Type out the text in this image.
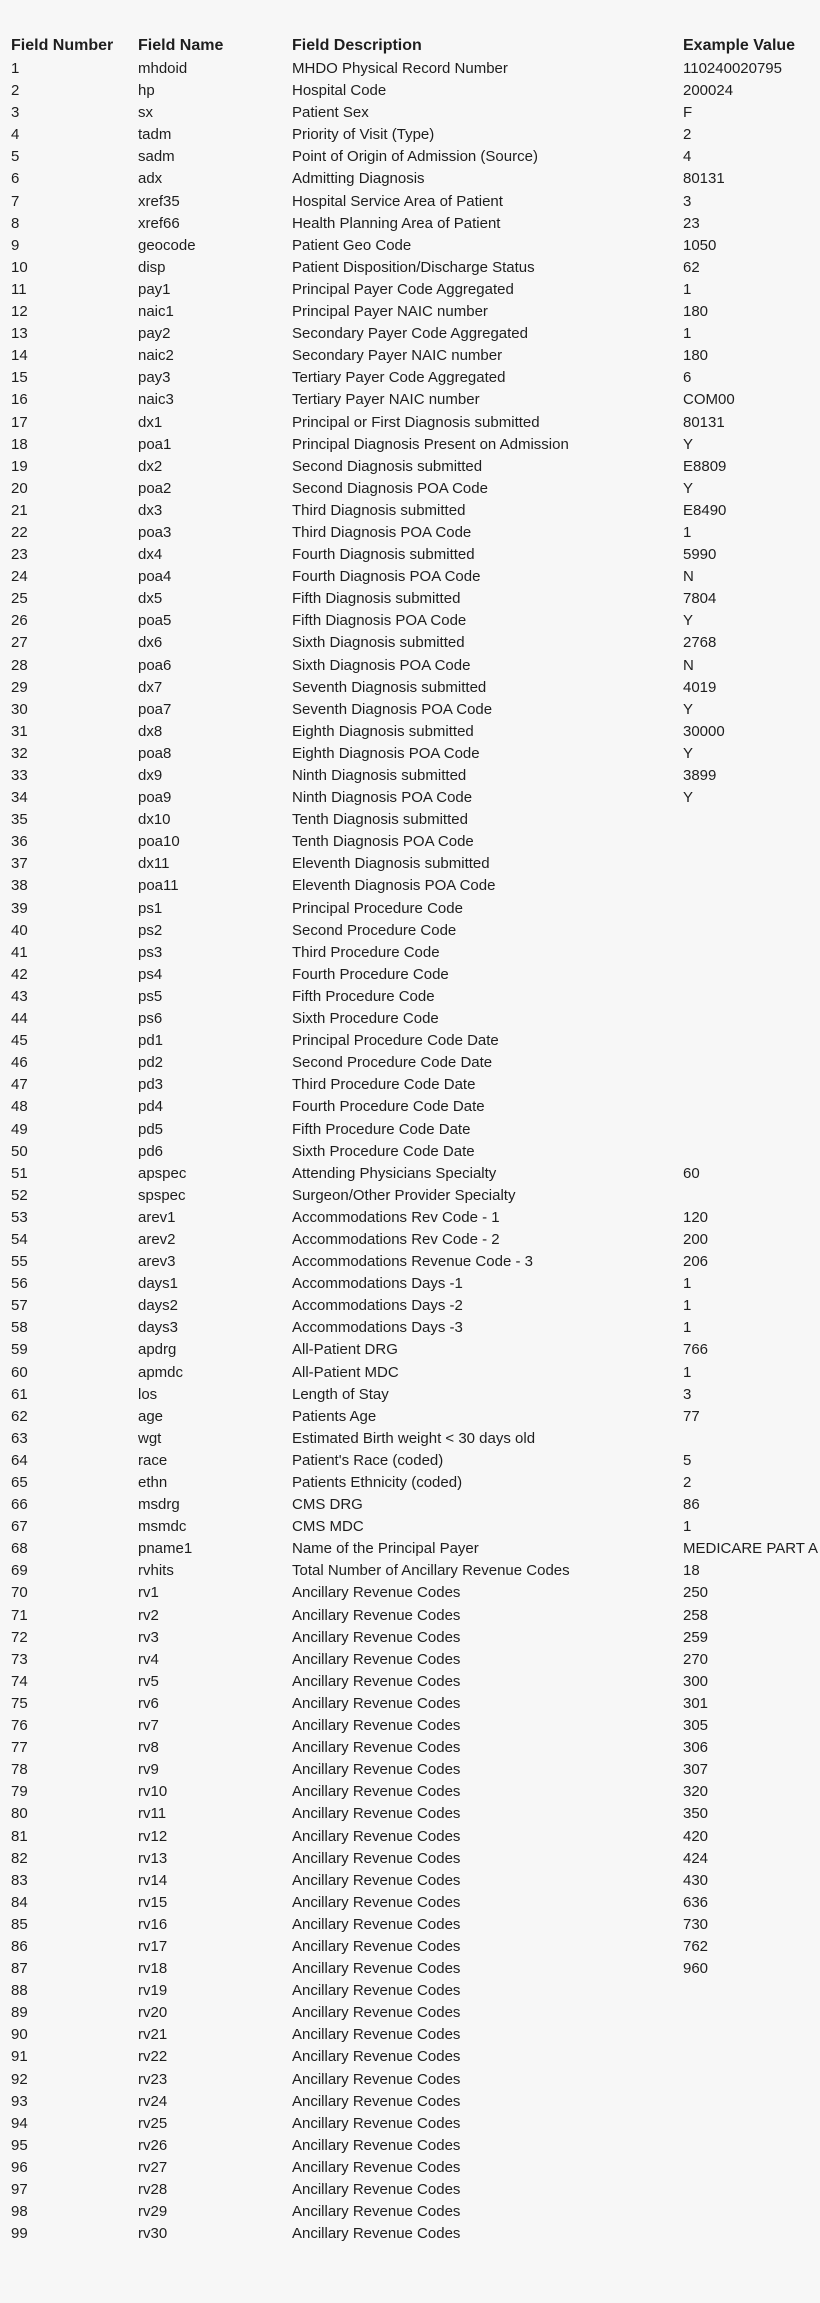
Field Number	Field Name	Field Description	Example Value
1	mhdoid	MHDO Physical Record Number	110240020795
2	hp	Hospital Code	200024
3	sx	Patient Sex	F
4	tadm	Priority of Visit (Type)	2
5	sadm	Point of Origin of Admission (Source)	4
6	adx	Admitting Diagnosis	80131
7	xref35	Hospital Service Area of Patient	3
8	xref66	Health Planning Area of Patient	23
9	geocode	Patient Geo Code	1050
10	disp	Patient Disposition/Discharge Status	62
11	pay1	Principal Payer Code Aggregated	1
12	naic1	Principal Payer NAIC number	180
13	pay2	Secondary Payer Code Aggregated	1
14	naic2	Secondary Payer NAIC number	180
15	pay3	Tertiary Payer Code Aggregated	6
16	naic3	Tertiary Payer NAIC number	COM00
17	dx1	Principal or First Diagnosis submitted	80131
18	poa1	Principal Diagnosis Present on Admission	Y
19	dx2	Second Diagnosis submitted	E8809
20	poa2	Second Diagnosis POA Code	Y
21	dx3	Third Diagnosis submitted	E8490
22	poa3	Third Diagnosis POA Code	1
23	dx4	Fourth Diagnosis submitted	5990
24	poa4	Fourth Diagnosis POA Code	N
25	dx5	Fifth Diagnosis submitted	7804
26	poa5	Fifth Diagnosis POA Code	Y
27	dx6	Sixth Diagnosis submitted	2768
28	poa6	Sixth Diagnosis POA Code	N
29	dx7	Seventh Diagnosis submitted	4019
30	poa7	Seventh Diagnosis POA Code	Y
31	dx8	Eighth Diagnosis submitted	30000
32	poa8	Eighth Diagnosis POA Code	Y
33	dx9	Ninth Diagnosis submitted	3899
34	poa9	Ninth Diagnosis POA Code	Y
35	dx10	Tenth Diagnosis submitted	
36	poa10	Tenth Diagnosis POA Code	
37	dx11	Eleventh Diagnosis submitted	
38	poa11	Eleventh Diagnosis POA Code	
39	ps1	Principal Procedure Code	
40	ps2	Second Procedure Code	
41	ps3	Third Procedure Code	
42	ps4	Fourth Procedure Code	
43	ps5	Fifth Procedure Code	
44	ps6	Sixth Procedure Code	
45	pd1	Principal Procedure Code Date	
46	pd2	Second Procedure Code Date	
47	pd3	Third Procedure Code Date	
48	pd4	Fourth Procedure Code Date	
49	pd5	Fifth Procedure Code Date	
50	pd6	Sixth Procedure Code Date	
51	apspec	Attending Physicians Specialty	60
52	spspec	Surgeon/Other Provider Specialty	
53	arev1	Accommodations Rev Code - 1	120
54	arev2	Accommodations Rev Code - 2	200
55	arev3	Accommodations Revenue Code - 3	206
56	days1	Accommodations Days -1	1
57	days2	Accommodations Days -2	1
58	days3	Accommodations Days -3	1
59	apdrg	All-Patient DRG	766
60	apmdc	All-Patient MDC	1
61	los	Length of Stay	3
62	age	Patients Age	77
63	wgt	Estimated Birth weight < 30 days old	
64	race	Patient's Race (coded)	5
65	ethn	Patients Ethnicity (coded)	2
66	msdrg	CMS DRG	86
67	msmdc	CMS MDC	1
68	pname1	Name of the Principal Payer	MEDICARE PART A
69	rvhits	Total Number of Ancillary Revenue Codes	18
70	rv1	Ancillary Revenue Codes	250
71	rv2	Ancillary Revenue Codes	258
72	rv3	Ancillary Revenue Codes	259
73	rv4	Ancillary Revenue Codes	270
74	rv5	Ancillary Revenue Codes	300
75	rv6	Ancillary Revenue Codes	301
76	rv7	Ancillary Revenue Codes	305
77	rv8	Ancillary Revenue Codes	306
78	rv9	Ancillary Revenue Codes	307
79	rv10	Ancillary Revenue Codes	320
80	rv11	Ancillary Revenue Codes	350
81	rv12	Ancillary Revenue Codes	420
82	rv13	Ancillary Revenue Codes	424
83	rv14	Ancillary Revenue Codes	430
84	rv15	Ancillary Revenue Codes	636
85	rv16	Ancillary Revenue Codes	730
86	rv17	Ancillary Revenue Codes	762
87	rv18	Ancillary Revenue Codes	960
88	rv19	Ancillary Revenue Codes	
89	rv20	Ancillary Revenue Codes	
90	rv21	Ancillary Revenue Codes	
91	rv22	Ancillary Revenue Codes	
92	rv23	Ancillary Revenue Codes	
93	rv24	Ancillary Revenue Codes	
94	rv25	Ancillary Revenue Codes	
95	rv26	Ancillary Revenue Codes	
96	rv27	Ancillary Revenue Codes	
97	rv28	Ancillary Revenue Codes	
98	rv29	Ancillary Revenue Codes	
99	rv30	Ancillary Revenue Codes	
